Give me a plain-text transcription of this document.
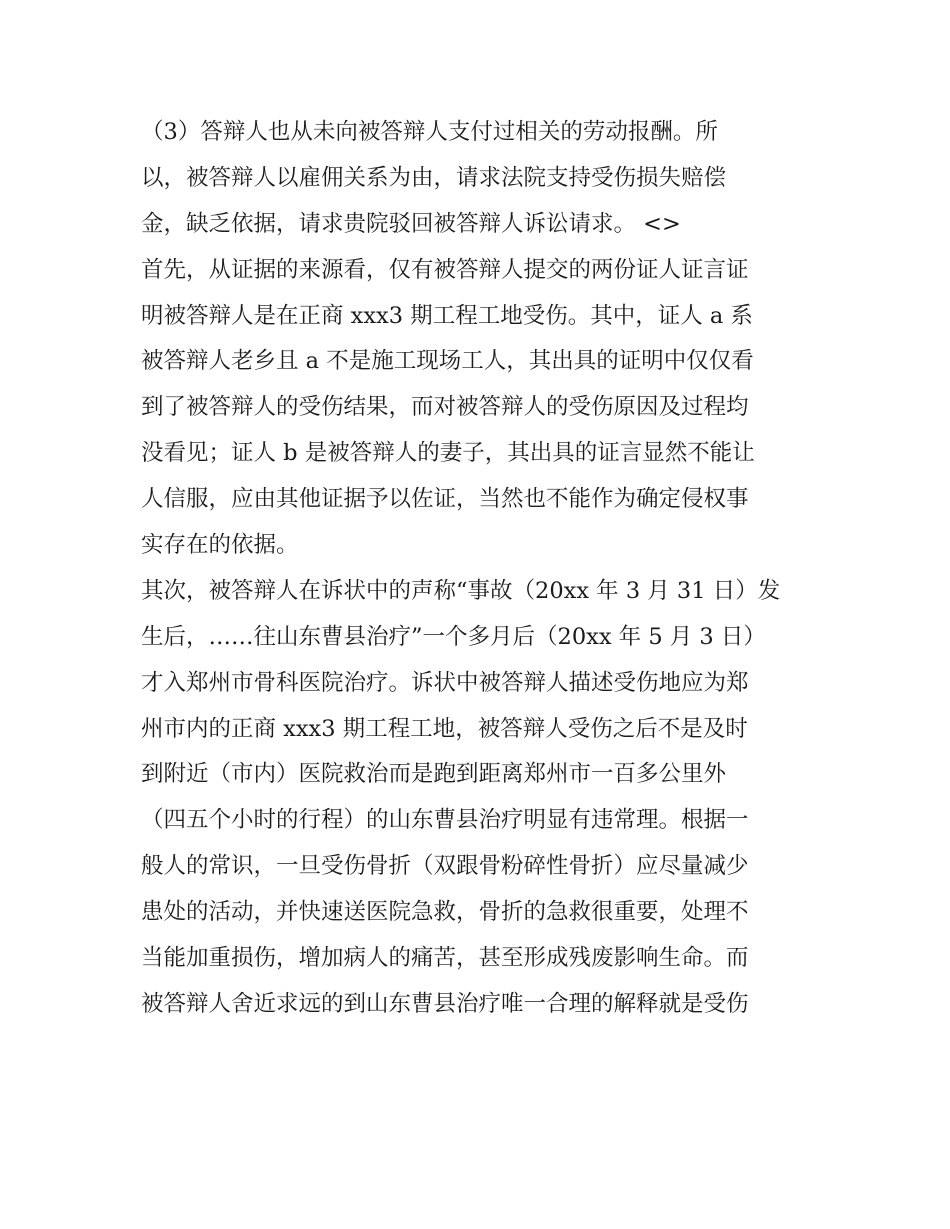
（3）答辩人也从未向被答辩人支付过相关的劳动报酬。所
以，被答辩人以雇佣关系为由，请求法院支持受伤损失赔偿
金，缺乏依据，请求贵院驳回被答辩人诉讼请求。 <>
首先，从证据的来源看，仅有被答辩人提交的两份证人证言证
明被答辩人是在正商 xxx3 期工程工地受伤。其中，证人 a 系
被答辩人老乡且 a 不是施工现场工人，其出具的证明中仅仅看
到了被答辩人的受伤结果，而对被答辩人的受伤原因及过程均
没看见；证人 b 是被答辩人的妻子，其出具的证言显然不能让
人信服，应由其他证据予以佐证，当然也不能作为确定侵权事
实存在的依据。
其次，被答辩人在诉状中的声称“事故（20xx 年 3 月 31 日）发
生后，……往山东曹县治疗”一个多月后（20xx 年 5 月 3 日）
才入郑州市骨科医院治疗。诉状中被答辩人描述受伤地应为郑
州市内的正商 xxx3 期工程工地，被答辩人受伤之后不是及时
到附近（市内）医院救治而是跑到距离郑州市一百多公里外
（四五个小时的行程）的山东曹县治疗明显有违常理。根据一
般人的常识，一旦受伤骨折（双跟骨粉碎性骨折）应尽量减少
患处的活动，并快速送医院急救，骨折的急救很重要，处理不
当能加重损伤，增加病人的痛苦，甚至形成残废影响生命。而
被答辩人舍近求远的到山东曹县治疗唯一合理的解释就是受伤
